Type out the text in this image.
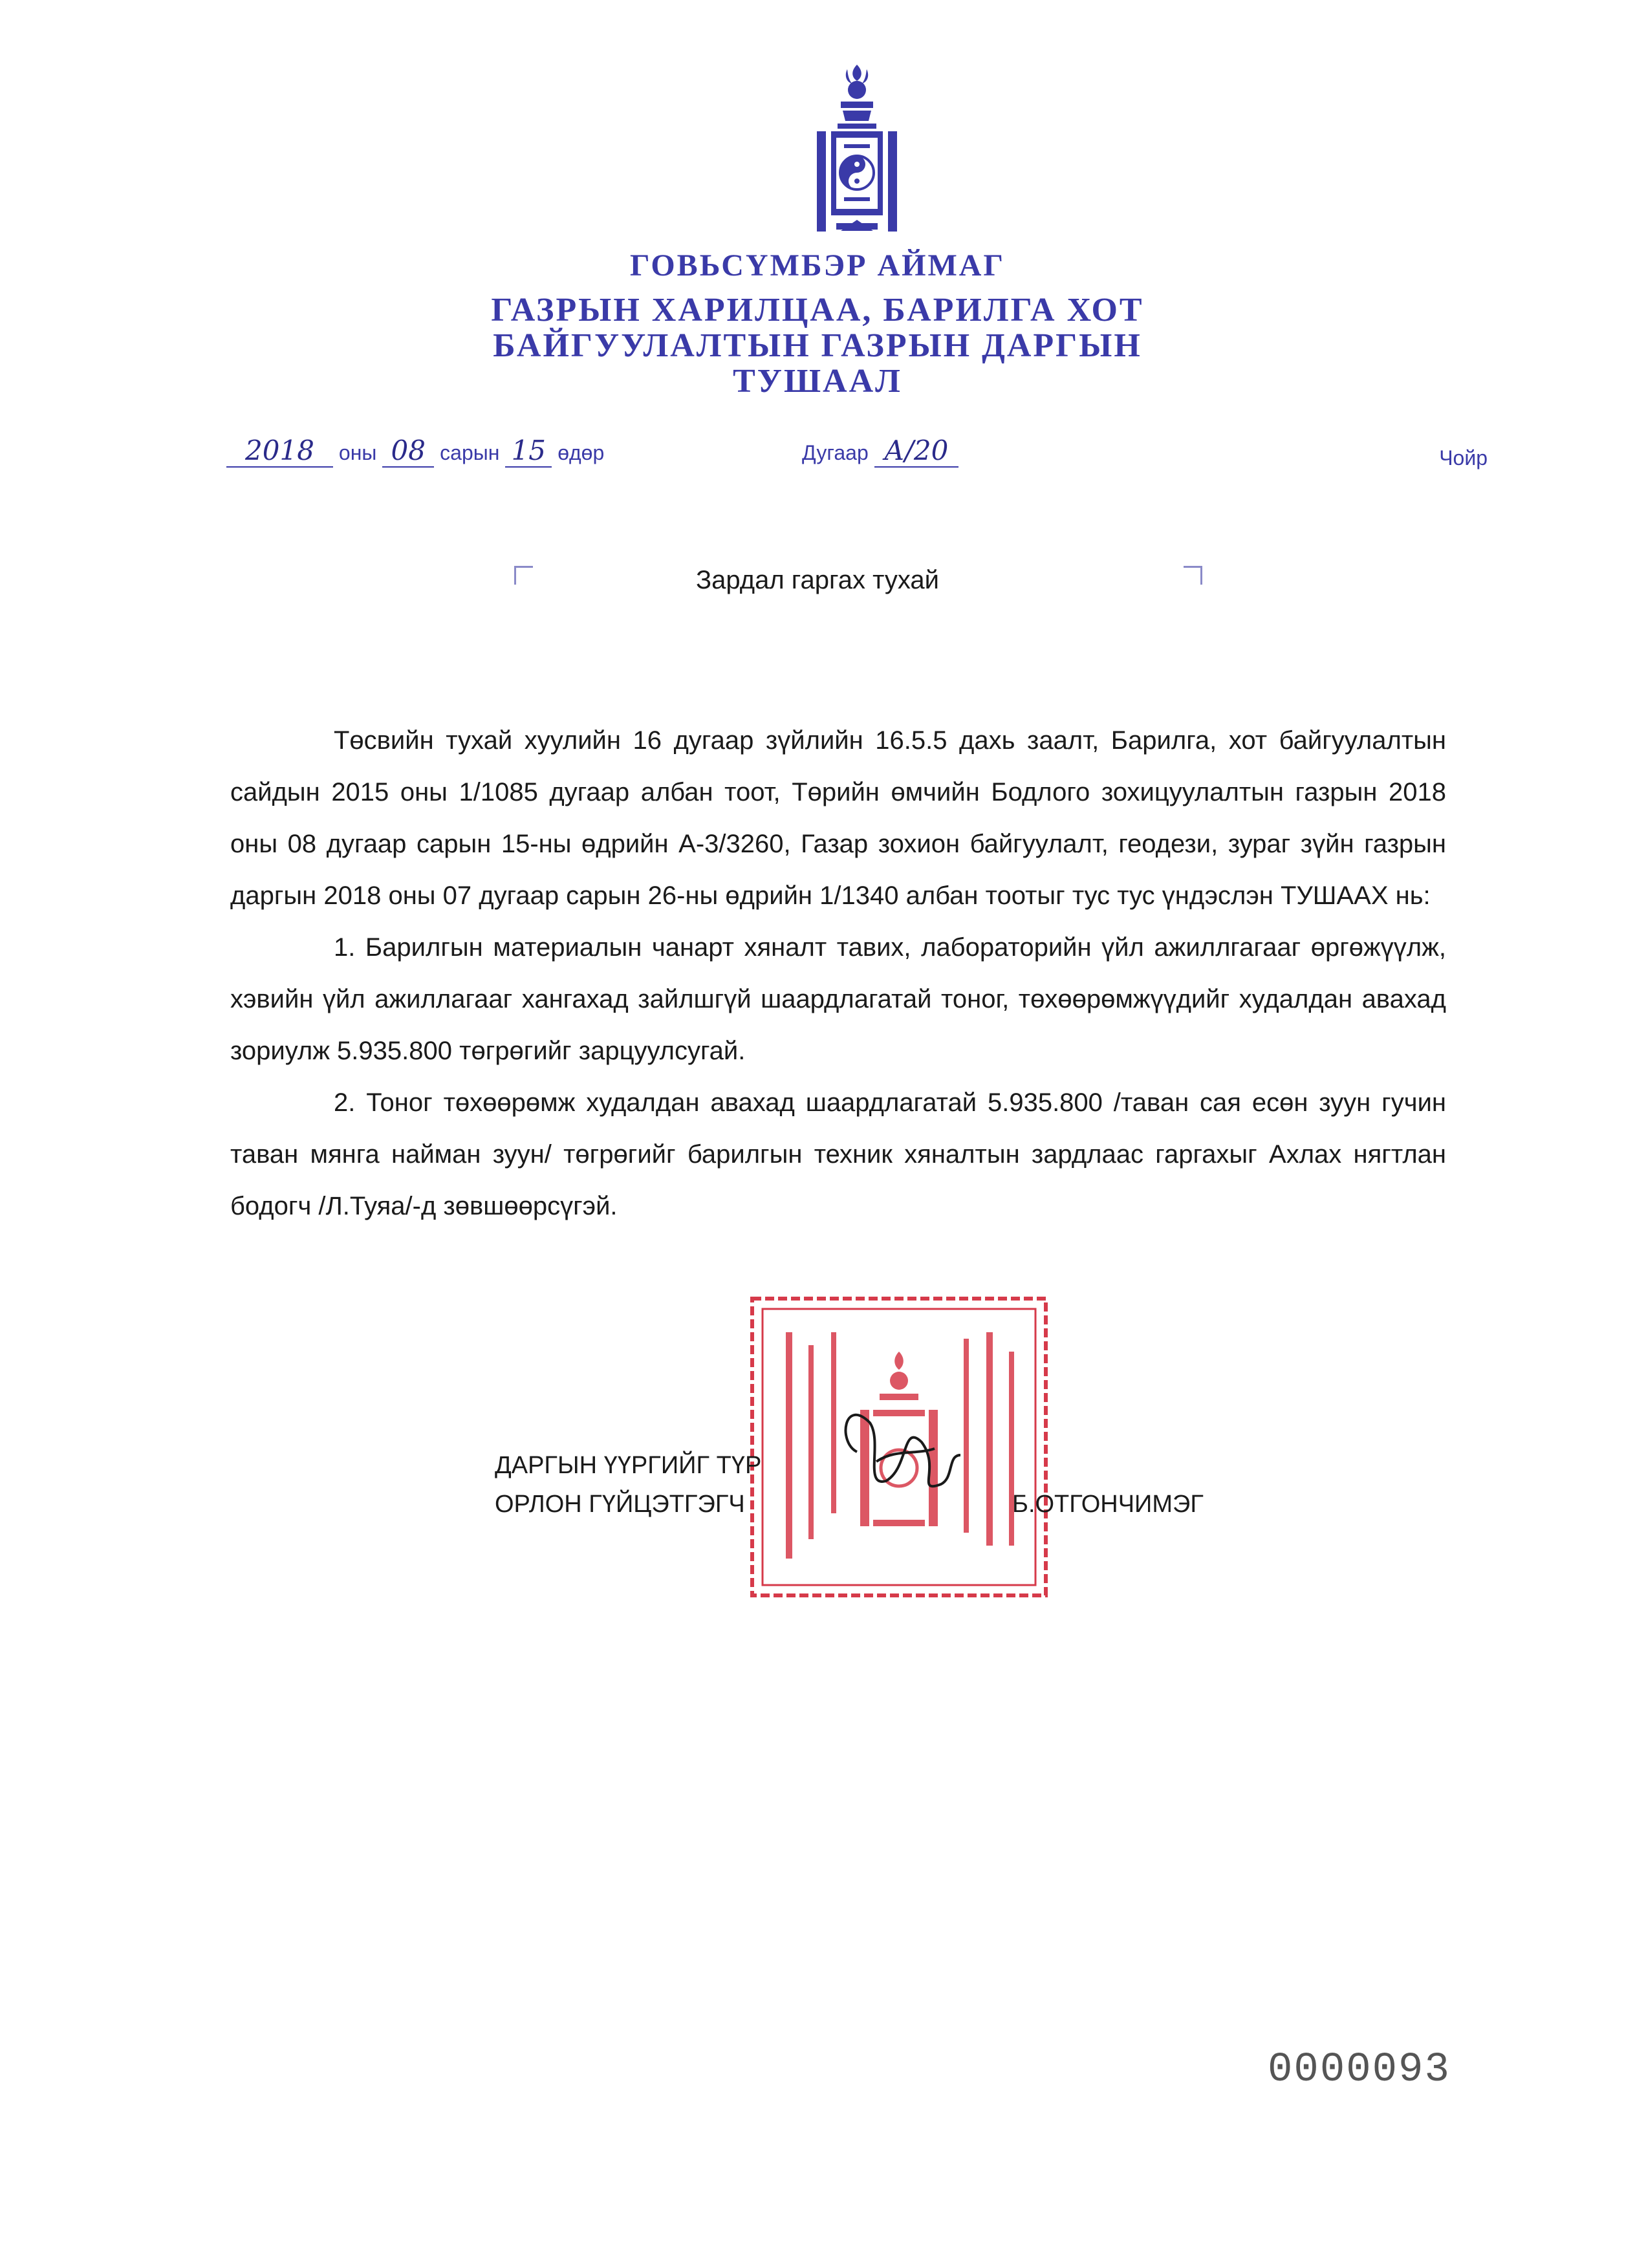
ГОВЬСҮМБЭР АЙМАГ
ГАЗРЫН ХАРИЛЦАА, БАРИЛГА ХОТ
БАЙГУУЛАЛТЫН ГАЗРЫН ДАРГЫН
ТУШААЛ
2018 оны 08 сарын 15 өдөр	Дугаар А/20	Чойр
Зардал гаргах тухай

Төсвийн тухай хуулийн 16 дугаар зүйлийн 16.5.5 дахь заалт, Барилга, хот байгуулалтын сайдын 2015 оны 1/1085 дугаар албан тоот, Төрийн өмчийн Бодлого зохицуулалтын газрын 2018 оны 08 дугаар сарын 15-ны өдрийн А-3/3260, Газар зохион байгуулалт, геодези, зураг зүйн газрын даргын 2018 оны 07 дугаар сарын 26-ны өдрийн 1/1340 албан тоотыг тус тус үндэслэн ТУШААХ нь:

1. Барилгын материалын чанарт хяналт тавих, лабораторийн үйл ажиллгагааг өргөжүүлж, хэвийн үйл ажиллагааг хангахад зайлшгүй шаардлагатай тоног, төхөөрөмжүүдийг худалдан авахад зориулж 5.935.800 төгрөгийг зарцуулсугай.

2. Тоног төхөөрөмж худалдан авахад шаардлагатай 5.935.800 /таван сая есөн зуун гучин таван мянга найман зуун/ төгрөгийг барилгын техник хяналтын зардлаас гаргахыг Ахлах нягтлан бодогч /Л.Туяа/-д зөвшөөрсүгэй.

ДАРГЫН ҮҮРГИЙГ ТҮР
ОРЛОН ГҮЙЦЭТГЭГЧ	Б.ОТГОНЧИМЭГ
0000093
